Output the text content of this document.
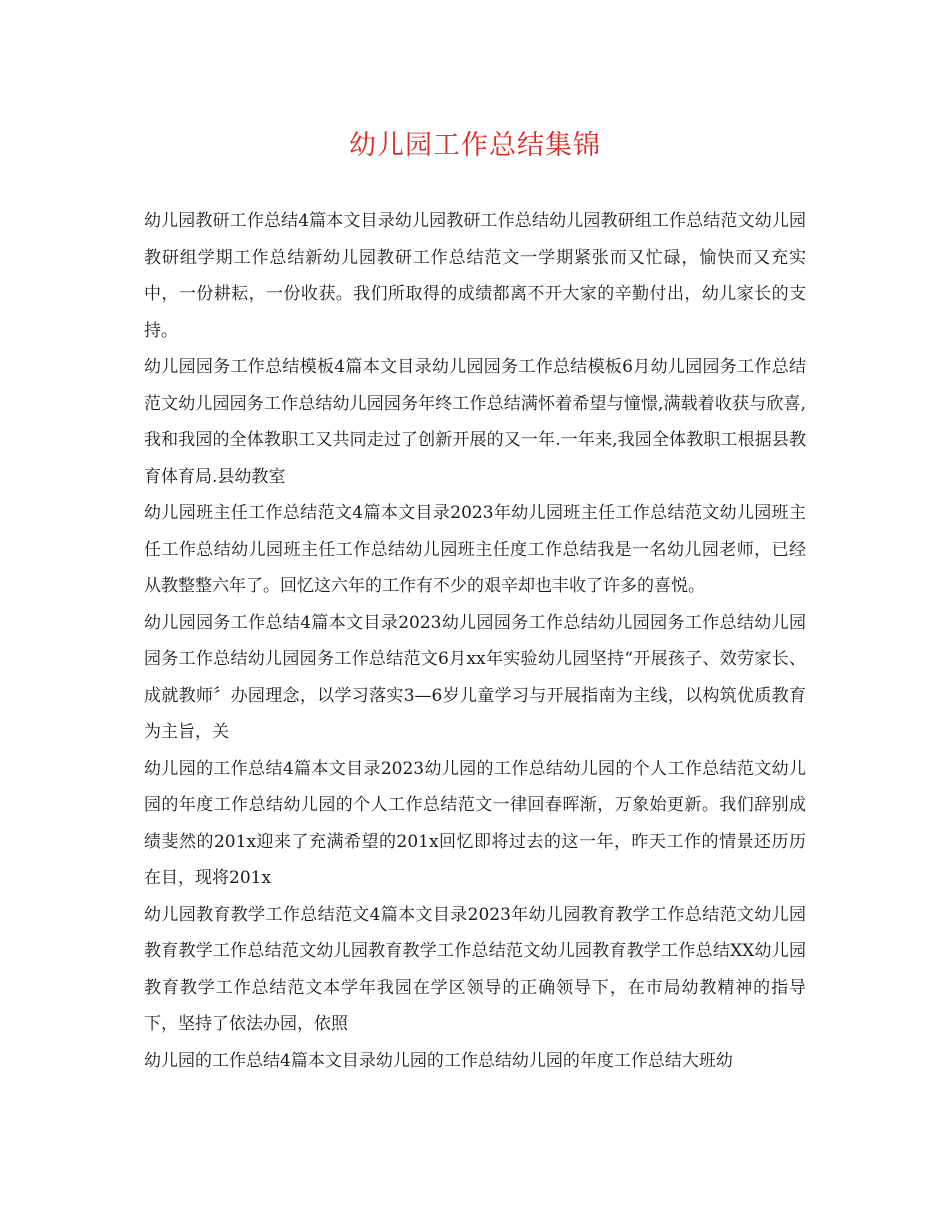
幼儿园工作总结集锦

幼儿园教研工作总结4篇本文目录幼儿园教研工作总结幼儿园教研组工作总结范文幼儿园教研组学期工作总结新幼儿园教研工作总结范文一学期紧张而又忙碌，愉快而又充实中，一份耕耘，一份收获。我们所取得的成绩都离不开大家的辛勤付出，幼儿家长的支持。

幼儿园园务工作总结模板4篇本文目录幼儿园园务工作总结模板6月幼儿园园务工作总结范文幼儿园园务工作总结幼儿园园务年终工作总结满怀着希望与憧憬,满载着收获与欣喜,我和我园的全体教职工又共同走过了创新开展的又一年.一年来,我园全体教职工根据县教育体育局.县幼教室

幼儿园班主任工作总结范文4篇本文目录2023年幼儿园班主任工作总结范文幼儿园班主任工作总结幼儿园班主任工作总结幼儿园班主任度工作总结我是一名幼儿园老师，已经从教整整六年了。回忆这六年的工作有不少的艰辛却也丰收了许多的喜悦。

幼儿园园务工作总结4篇本文目录2023幼儿园园务工作总结幼儿园园务工作总结幼儿园园务工作总结幼儿园园务工作总结范文6月xx年实验幼儿园坚持“开展孩子、效劳家长、成就教师〞办园理念，以学习落实3—6岁儿童学习与开展指南为主线，以构筑优质教育为主旨，关

幼儿园的工作总结4篇本文目录2023幼儿园的工作总结幼儿园的个人工作总结范文幼儿园的年度工作总结幼儿园的个人工作总结范文一律回春晖渐，万象始更新。我们辞别成绩斐然的201x迎来了充满希望的201x回忆即将过去的这一年，昨天工作的情景还历历在目，现将201x

幼儿园教育教学工作总结范文4篇本文目录2023年幼儿园教育教学工作总结范文幼儿园教育教学工作总结范文幼儿园教育教学工作总结范文幼儿园教育教学工作总结XX幼儿园教育教学工作总结范文本学年我园在学区领导的正确领导下，在市局幼教精神的指导下，坚持了依法办园，依照

幼儿园的工作总结4篇本文目录幼儿园的工作总结幼儿园的年度工作总结大班幼
